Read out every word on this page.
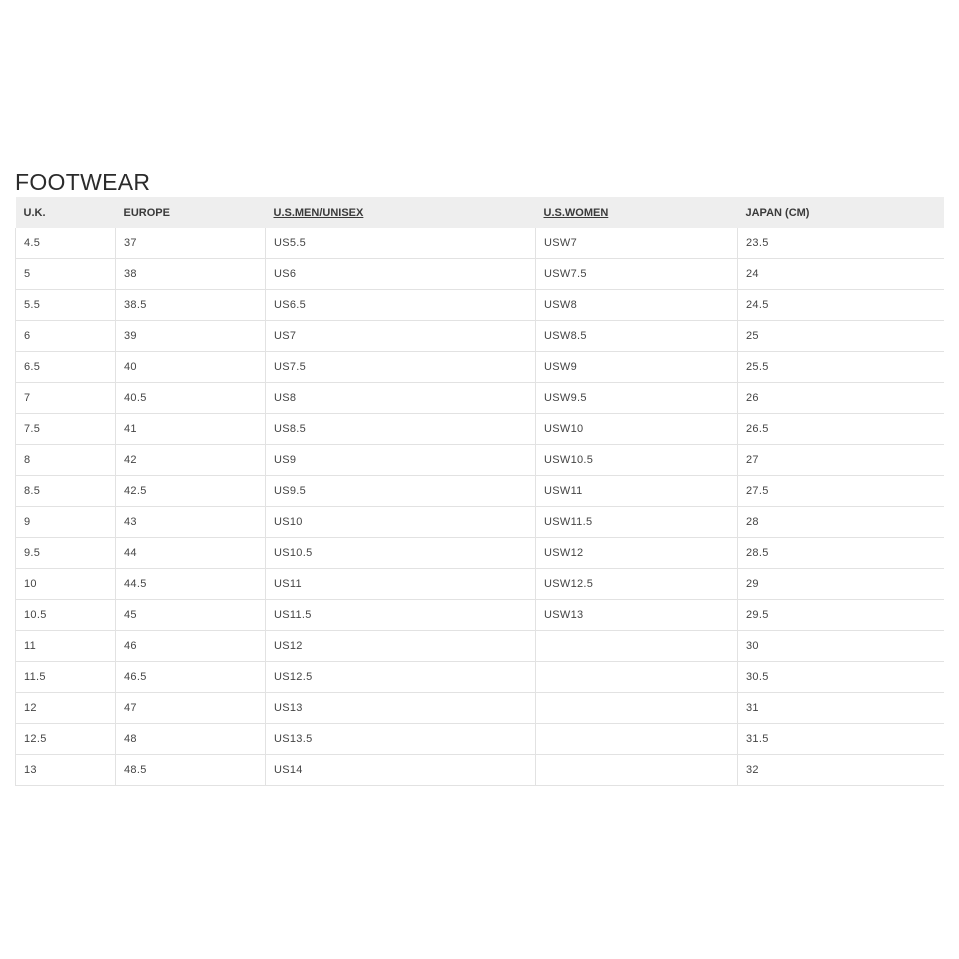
FOOTWEAR
U.K.	EUROPE	U.S.MEN/UNISEX	U.S.WOMEN	JAPAN (CM)
4.5	37	US5.5	USW7	23.5
5	38	US6	USW7.5	24
5.5	38.5	US6.5	USW8	24.5
6	39	US7	USW8.5	25
6.5	40	US7.5	USW9	25.5
7	40.5	US8	USW9.5	26
7.5	41	US8.5	USW10	26.5
8	42	US9	USW10.5	27
8.5	42.5	US9.5	USW11	27.5
9	43	US10	USW11.5	28
9.5	44	US10.5	USW12	28.5
10	44.5	US11	USW12.5	29
10.5	45	US11.5	USW13	29.5
11	46	US12		30
11.5	46.5	US12.5		30.5
12	47	US13		31
12.5	48	US13.5		31.5
13	48.5	US14		32
